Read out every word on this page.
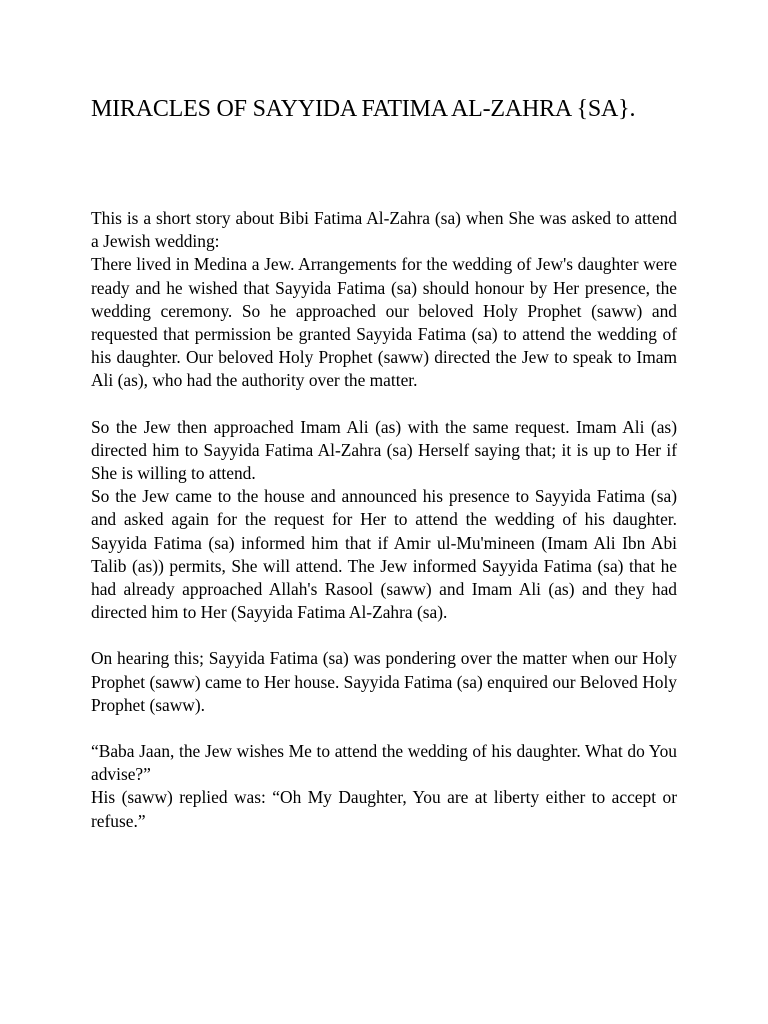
MIRACLES OF SAYYIDA FATIMA AL-ZAHRA {SA}.

This is a short story about Bibi Fatima Al-Zahra (sa) when She was asked to attend a Jewish wedding:

There lived in Medina a Jew. Arrangements for the wedding of Jew's daughter were ready and he wished that Sayyida Fatima (sa) should honour by Her presence, the wedding ceremony. So he approached our beloved Holy Prophet (saww) and requested that permission be granted Sayyida Fatima (sa) to attend the wedding of his daughter. Our beloved Holy Prophet (saww) directed the Jew to speak to Imam Ali (as), who had the authority over the matter.

So the Jew then approached Imam Ali (as) with the same request. Imam Ali (as) directed him to Sayyida Fatima Al-Zahra (sa) Herself saying that; it is up to Her if She is willing to attend.

So the Jew came to the house and announced his presence to Sayyida Fatima (sa) and asked again for the request for Her to attend the wedding of his daughter. Sayyida Fatima (sa) informed him that if Amir ul-Mu'mineen (Imam Ali Ibn Abi Talib (as)) permits, She will attend. The Jew informed Sayyida Fatima (sa) that he had already approached Allah's Rasool (saww) and Imam Ali (as) and they had directed him to Her (Sayyida Fatima Al-Zahra (sa).

On hearing this; Sayyida Fatima (sa) was pondering over the matter when our Holy Prophet (saww) came to Her house. Sayyida Fatima (sa) enquired our Beloved Holy Prophet (saww).

“Baba Jaan, the Jew wishes Me to attend the wedding of his daughter. What do You advise?”

His (saww) replied was: “Oh My Daughter, You are at liberty either to accept or refuse.”
